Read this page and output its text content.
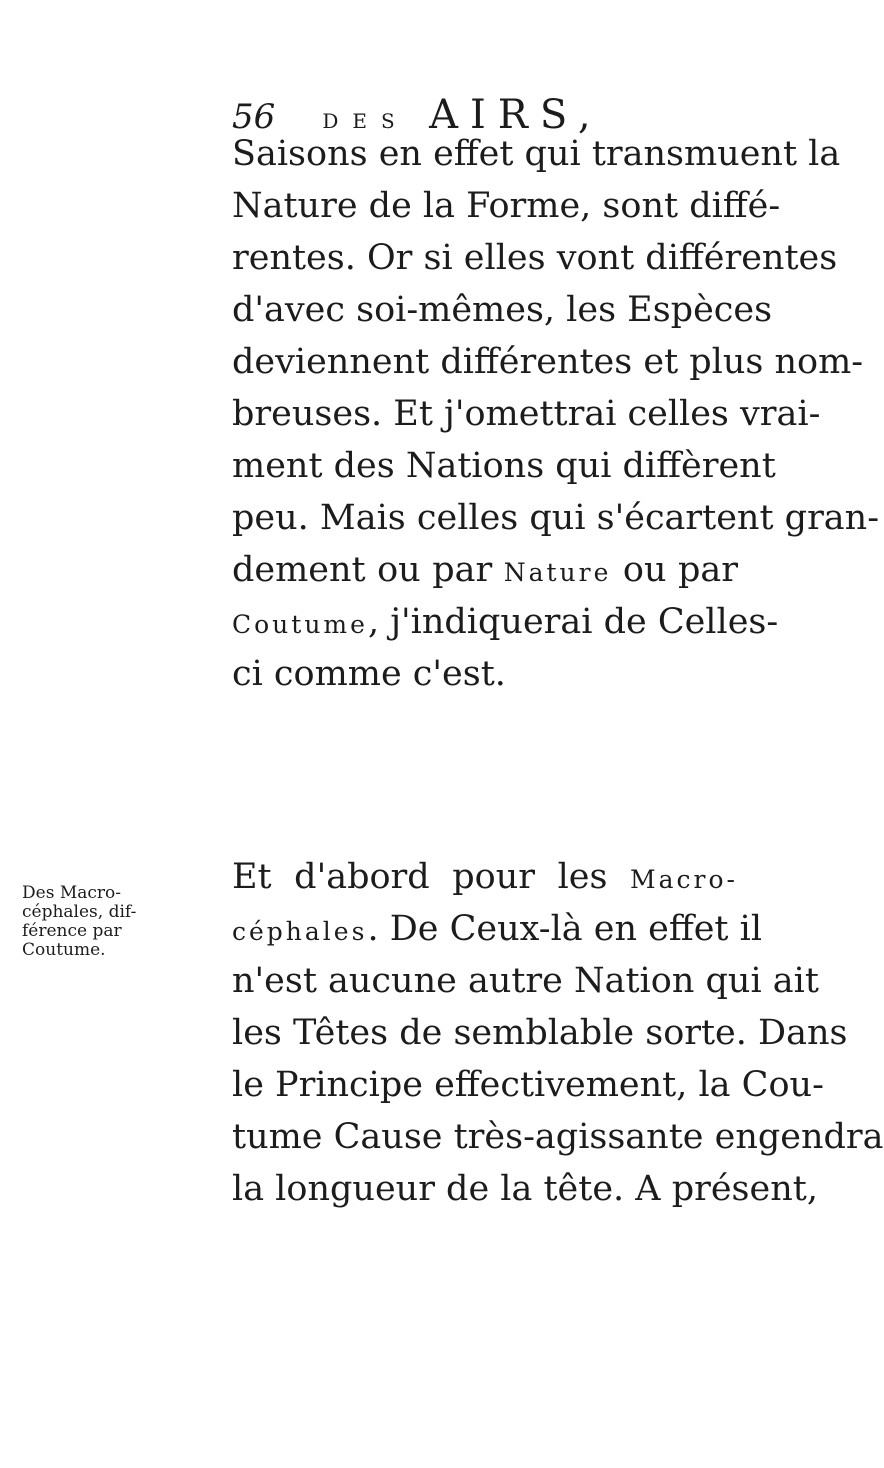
56 DES AIRS,
Saisons en effet qui transmuent la
Nature de la Forme, sont diffé-
rentes. Or si elles vont différentes
d'avec soi-mêmes, les Espèces
deviennent différentes et plus nom-
breuses. Et j'omettrai celles vrai-
ment des Nations qui diffèrent
peu. Mais celles qui s'écartent gran-
dement ou par Nature ou par
Coutume, j'indiquerai de Celles-
ci comme c'est.
Des Macro-
céphales, dif-
férence par
Coutume.
Et d'abord pour les Macro-
céphales. De Ceux-là en effet il
n'est aucune autre Nation qui ait
les Têtes de semblable sorte. Dans
le Principe effectivement, la Cou-
tume Cause très-agissante engendra
la longueur de la tête. A présent,
